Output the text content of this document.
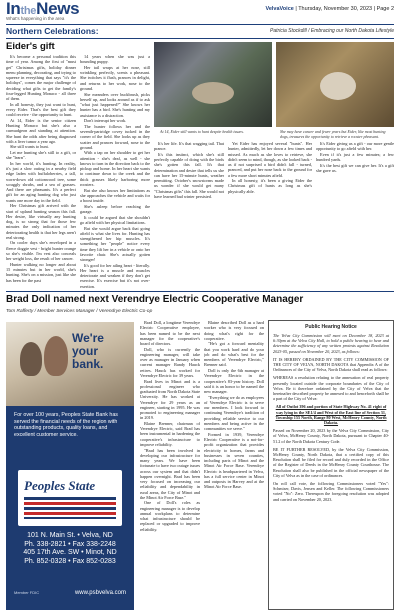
IntheNews
What's happening in the area
VelvaVoice | Thursday, November 30, 2023 | Page 2
Northern Celebrations:	Patricia Stockdill / Embracing our North Dakota Lifestyle
Eider's gift

It's become a personal tradition this time of year. Among the first of "must get" Christmas gifts, holiday dinner menu planning, decorating, and trying to squeeze in everything that says "it's the holidays", comes the major challenge of deciding what gifts to get the family's four-legged Hunting Monaco - all three of them.

In all honesty, they just want to hunt, every Eider. That's the best gift they could receive - the opportunity to hunt.

At 14, Eider is the senior citizen Hunting Monaco but she's also a curmudgeon and standing at attention. She hunt the odds after being diagnosed with a liver tumor a year ago.

She still wants to hunt.

Let me hunting she's still to a gift, or she "learn".

In her world, it's hunting. In reality, it's just a slow outing in a nearby field edge laden with buffaloberries, a tall, worn-down old cottonwood tree, some scraggly shrubs, and a sea of grasses. And there are pheasants. It's a perfect gift for an aging hunting dog who just wants one more day in the field.

Her Christmas gift arrived with the start of upland hunting season this fall. Her desire, like virtually any hunting dog, is so strong that for those few minutes the only indication of her deteriorating health is that her legs aren't real strong.

On cooler days she's enveloped in a fleece doggie vest - bright hunter orange so she's visible. I'm vest also conceals her weight loss, the result of her cancer.

Hunter walking no longer and about 15 minutes but in her world, she's hunting. She's on a mission, just like she has been for the past

14 years when she was just a bounding puppy.

Her tail wraps at her nose, still wrinkling perfectly, scents a pheasant. She twitches it flush, prances in delight, and returns to her work, nose to the ground.

She meanders over buckbrush, picks herself up, and looks around as if to ask "what just happened?" She knows her hunter has a bird. She's hunting and my assistance is a distraction.

Don't interrupt her work.

The hunter follows her and the seventh-partridge covey tucked in the corner of the field. She looks up as they scatter and prances forward, nose to the ground.

With a tap on her shoulder to get her attention - she's deaf, as well - she knows to turn in the direction back to the pickup and home. In her heart she wants to continue down to the creek and the thick grasses likely harboring more roosters.

But she also knows her limitations as she approaches the vehicle and waits for a boost inside.

She's asleep before reaching the garage.

It could be argued that she shouldn't go afield with her physical limitations.

But she would argue back that going afield is what she lives for. Hunting has strengthened her hip muscles. It's something her "people" notice every time they lift her in a vehicle or onto her favorite chair. She's actually gotten stronger!

It's good for her ailing heart - literally. Her heart is a muscle and muscles deteriorate and weaken if they don't get exercise. It's exercise but it's not over-exertion.

At 14, Eider still wants to hunt despite health issues.	She may have cancer and fewer years but Eider, like most hunting dogs, treasures the opportunity to retrieve a rooster pheasant.

It's her life. It's that wagging tail. That prance.

It's this instinct, which she's still perfectly capable of doing with the birds she's gotten this fall. It's that determination and desire that tells us she can have her 15-minute hunts, weather permitting. October's snowstorms made us wonder if she would get many "Christmas gifts" this fall. She would not have learned bad winter persisted.

Yet Eider has enjoyed several "hunts". Her hunter, admittedly, let her down a few times and missed. As much as she loves to retrieve, she didn't seem to mind, though, as she looked back - as if not surprised a bird didn't fall - turned, pranced, and put her nose back to the ground for a few more short minutes afield.

In all honesty, it's been a giving Eider the Christmas gift of hunts as long as she's physically able.

It's Eider giving us a gift - our more gentle opportunity to go afield with her.

Even if it's just a few minutes; a few hundred yards.

It's the best gift we can give her. It's a gift she gave us.

Brad Doll named next Verendrye Electric Cooperative Manager
Tom Rafferty / Member Services Manager / Verendrye Electric Co-op
We're your bank.
For over 100 years, Peoples State Bank has served the financial needs of the region with outstanding products, quality loans, and excellent customer service.
Peoples State
101 N. Main St. • Velva, ND
Ph. 338-2821 • Fax 338-2248
405 17th Ave. SW • Minot, ND
Ph. 852-0328 • Fax 852-0283
Member FDIC	www.psbvelva.com

Brad Doll, a longtime Verendrye Electric Cooperative employee, has been named to be the next manager for the cooperative's board of directors.

Doll, who is currently the engineering manager, will take over as manager in January when current manager Randy Hauck retires. Hauck has worked for Verendrye Electric for 39 years.

Brad lives in Minot and is a professional engineer who graduated from North Dakota State University. He has worked at Verendrye for 29 years as an engineer, starting in 1995. He was promoted to engineering manager in 2019.

Blaine Brenner, chairman of Verendrye Electric, said Brad has been instrumental in hardening the cooperative's infrastructure to improve reliability.

"Brad has been involved in developing our infrastructure for many years. We have been fortunate to have two outage issues across our system and that didn't happen overnight. Brad has been very focused on increasing our reliability and dependability in rural areas, the City of Minot and the Minot Air Force Base."

One of Doll's roles as engineering manager is to develop annual workplans to determine what infrastructure should be replaced or upgraded to improve reliability.

Blaine described Doll as a hard worker who is very focused on doing what's right for the cooperative.

"He's got a forward mentality that you work hard and do your job and do what's best for the members of Verendrye Electric," Brenner said.

Doll is only the 6th manager at Verendrye Electric in the cooperative's 83-year history. Doll said it is an honor to be named the new manager.

"Everything we do as employees of Verendrye Electric is to serve our members. I look forward to continuing Verendrye's tradition of providing reliable service to our members and being active in the communities we serve."

Formed in 1939, Verendrye Electric Cooperative is a not-for-profit organization that provides electricity to homes, farms and businesses in seven counties, including parts of Minot and the Minot Air Force Base. Verendrye Electric is headquartered in Velva, has a full service center in Minot and outposts in Harvey and at the Minot Air Force Base.

Public Hearing Notice

The Velva City Commission will meet on December 18, 2023 at 6:30pm at the Velva City Hall, to hold a public hearing to hear and determine the sufficiency of any written protests against Resolution 2023-05, passed on November 20, 2023, as follows:

IT IS HEREBY ORDAINED BY THE CITY COMMISSION OF THE CITY OF VELVA, NORTH DAKOTA that Appendix A of the Ordinances of the City of Velva, North Dakota shall read as follows:

WHEREAS a resolution relating to the annexation of real property presently located outside the corporate boundaries of the City of Velva. Be it therefore ordained by the City of Velva that the hereinafter described property be annexed to and henceforth shall be a part of the City of Velva:

All of Outlot 396 and portion of State Highway No. 41 right of way lying in the SE1/4 and West of the East line of Section 31, Township 155 North, Range 80 West, McHenry County, North Dakota.

Passed on November 20, 2023 by the Velva City Commission, City of Velva, McHenry County, North Dakota, pursuant to Chapter 40-51.2 of the North Dakota Century Code.

BE IT FURTHER RESOLVED, by the Velva City Commission, McHenry County, North Dakota, that a certified copy of this Resolution shall be filed for record and duly recorded in the Office of the Register of Deeds in the McHenry County Courthouse. The Resolution shall also be published in the official newspaper of the City of Velva as in the case of ordinances.

On roll call vote, the following Commissioners voted "Yes": Schmiser, Davis, Jensen and Keller. The following Commissioners voted "No": Zero. Thereupon the foregoing resolution was adopted and carried on November 20, 2023.
